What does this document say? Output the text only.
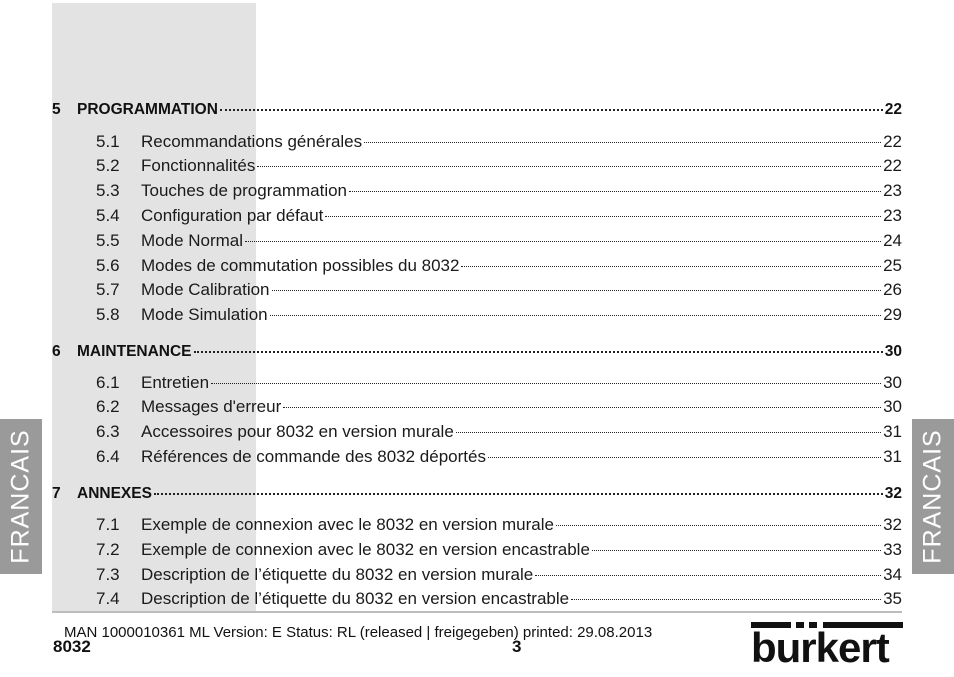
FRANCAIS	FRANCAIS
5	PROGRAMMATION	22
5.1	Recommandations générales	22
5.2	Fonctionnalités	22
5.3	Touches de programmation	23
5.4	Configuration par défaut	23
5.5	Mode Normal	24
5.6	Modes de commutation possibles du 8032	25
5.7	Mode Calibration	26
5.8	Mode Simulation	29
6	MAINTENANCE	30
6.1	Entretien	30
6.2	Messages d'erreur	30
6.3	Accessoires pour 8032 en version murale	31
6.4	Références de commande des 8032 déportés	31
7	ANNEXES	32
7.1	Exemple de connexion avec le 8032 en version murale	32
7.2	Exemple de connexion avec le 8032 en version encastrable	33
7.3	Description de l’étiquette du 8032 en version murale	34
7.4	Description de l’étiquette du 8032 en version encastrable	35
MAN 1000010361 ML Version: E Status: RL (released | freigegeben) printed: 29.08.2013
8032	3	burkert
